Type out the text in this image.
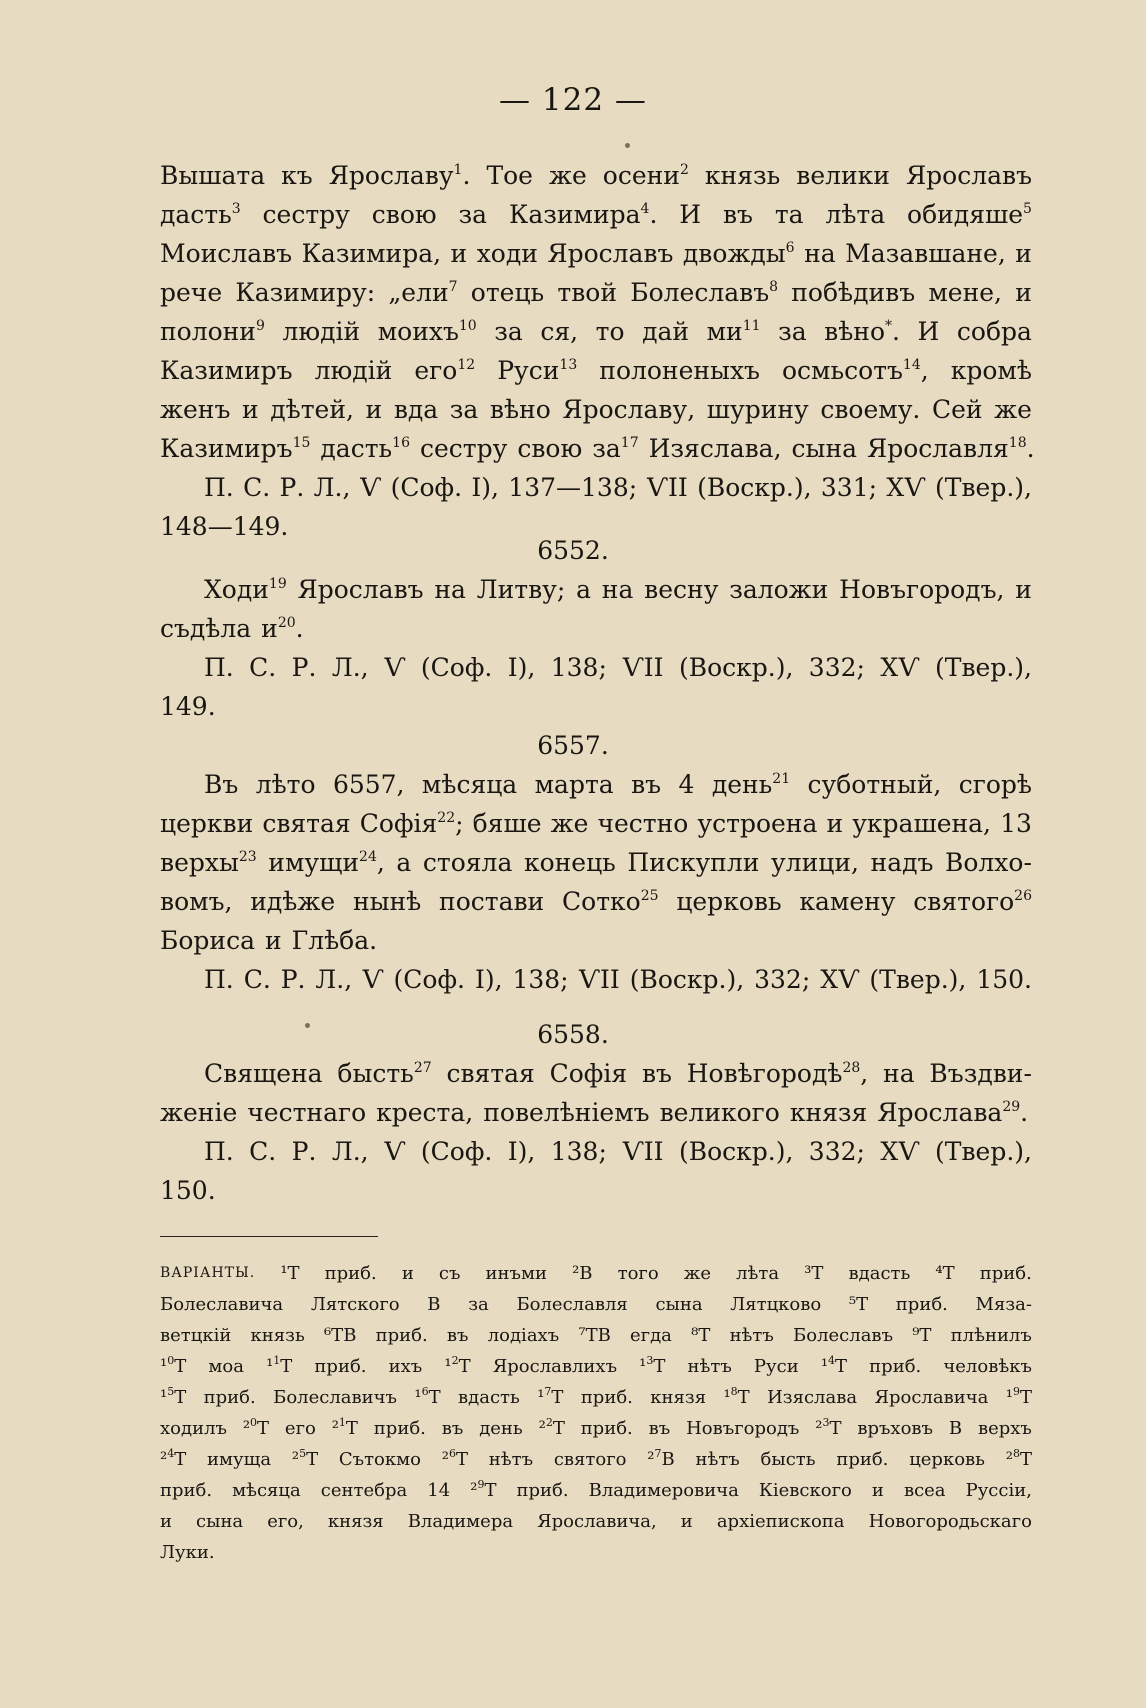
— 122 —
Вышата къ Ярославу$^1$. Тое же осени$^2$ князь велики Ярославъ
дасть$^3$ сестру свою за Казимира$^4$. И въ та лѣта обидяше$^5$
Моиславъ Казимира, и ходи Ярославъ двожды$^6$ на Мазавшане, и
рече Казимиру: „ели$^7$ отець твой Болеславъ$^8$ побѣдивъ мене, и
полони$^9$ людій моихъ$^{10}$ за ся, то дай $ми^{11}$ за вѣно*. И собра
Казимиръ людій его$^{12}$ Руси$^{13}$ полоненыхъ осмьсотъ$^{14}$, кромѣ
женъ и дѣтей, и вда за вѣно Ярославу, шурину своему. Сей же
Казимиръ$^{15}$ дасть$^{16}$ сестру свою $за^{17}$ Изяслава, сына Ярославля$^{18}$.
П. С. Р. Л., Ѵ (Соф. I), 137—138; ѴII (Воскр.), 331; XѴ (Твер.),
148—149.
6552.
Ходи$^{19}$ Ярославъ на Литву; а на весну заложи Новъгородъ, и
съдѣла $и^{20}$.
П. С. Р. Л., Ѵ (Соф. I), 138; ѴII (Воскр.), 332; XѴ (Твер.),
149.
6557.
Въ лѣто 6557, мѣсяца марта въ 4 день$^{21}$ суботный, сгорѣ
церкви святая Софія$^{22}$; бяше же честно устроена и украшена, 13
верхы$^{23}$ имущи$^{24}$, а стояла конець Пискупли улици, надъ Волхо-
вомъ, идѣже нынѣ постави Сотко$^{25}$ церковь камену святого$^{26}$
Бориса и Глѣба.
П. С. Р. Л., Ѵ (Соф. I), 138; ѴII (Воскр.), 332; XѴ (Твер.), 150.
6558.
Священа бысть$^{27}$ святая Софія въ Новѣгородѣ$^{28}$, на Въздви-
женіе честнаго креста, повелѣніемъ великого князя Ярослава$^{29}$.
П. С. Р. Л., Ѵ (Соф. I), 138; ѴII (Воскр.), 332; XѴ (Твер.),
150.
ВАРІАНТЫ. ¹Т приб. и съ инъми ²В того же лѣта ³Т вдасть ⁴Т приб.
Болеславича Лятского В за Болеславля сына Лятцково ⁵Т приб. Мяза-
ветцкій князь ⁶ТВ приб. въ лодіахъ ⁷ТВ егда ⁸Т нѣтъ Болеславъ ⁹Т плѣнилъ
¹$^0$Т моа ¹$^1$Т приб. ихъ ¹$^2$Т Ярославлихъ ¹$^3$Т нѣтъ Руси ¹$^4$Т приб. человѣкъ
¹$^5$Т приб. Болеславичъ ¹$^6$Т вдасть ¹$^7$Т приб. князя ¹$^8$Т Изяслава Ярославича ¹$^9$Т
ходилъ ²$^0$Т его ²$^1$Т приб. въ день ²$^2$Т приб. въ Новъгородъ ²$^3$Т връховъ В верхъ
²$^4$Т имуща ²$^5$Т Сътокмо ²$^6$Т нѣтъ святого ²$^7$В нѣтъ бысть приб. церковь ²$^8$Т
приб. мѣсяца сентебра 14 ²$^9$Т приб. Владимеровича Кіевского и всеа Руссіи,
и сына его, князя Владимера Ярославича, и архіепископа Новогородьскаго
Луки.
